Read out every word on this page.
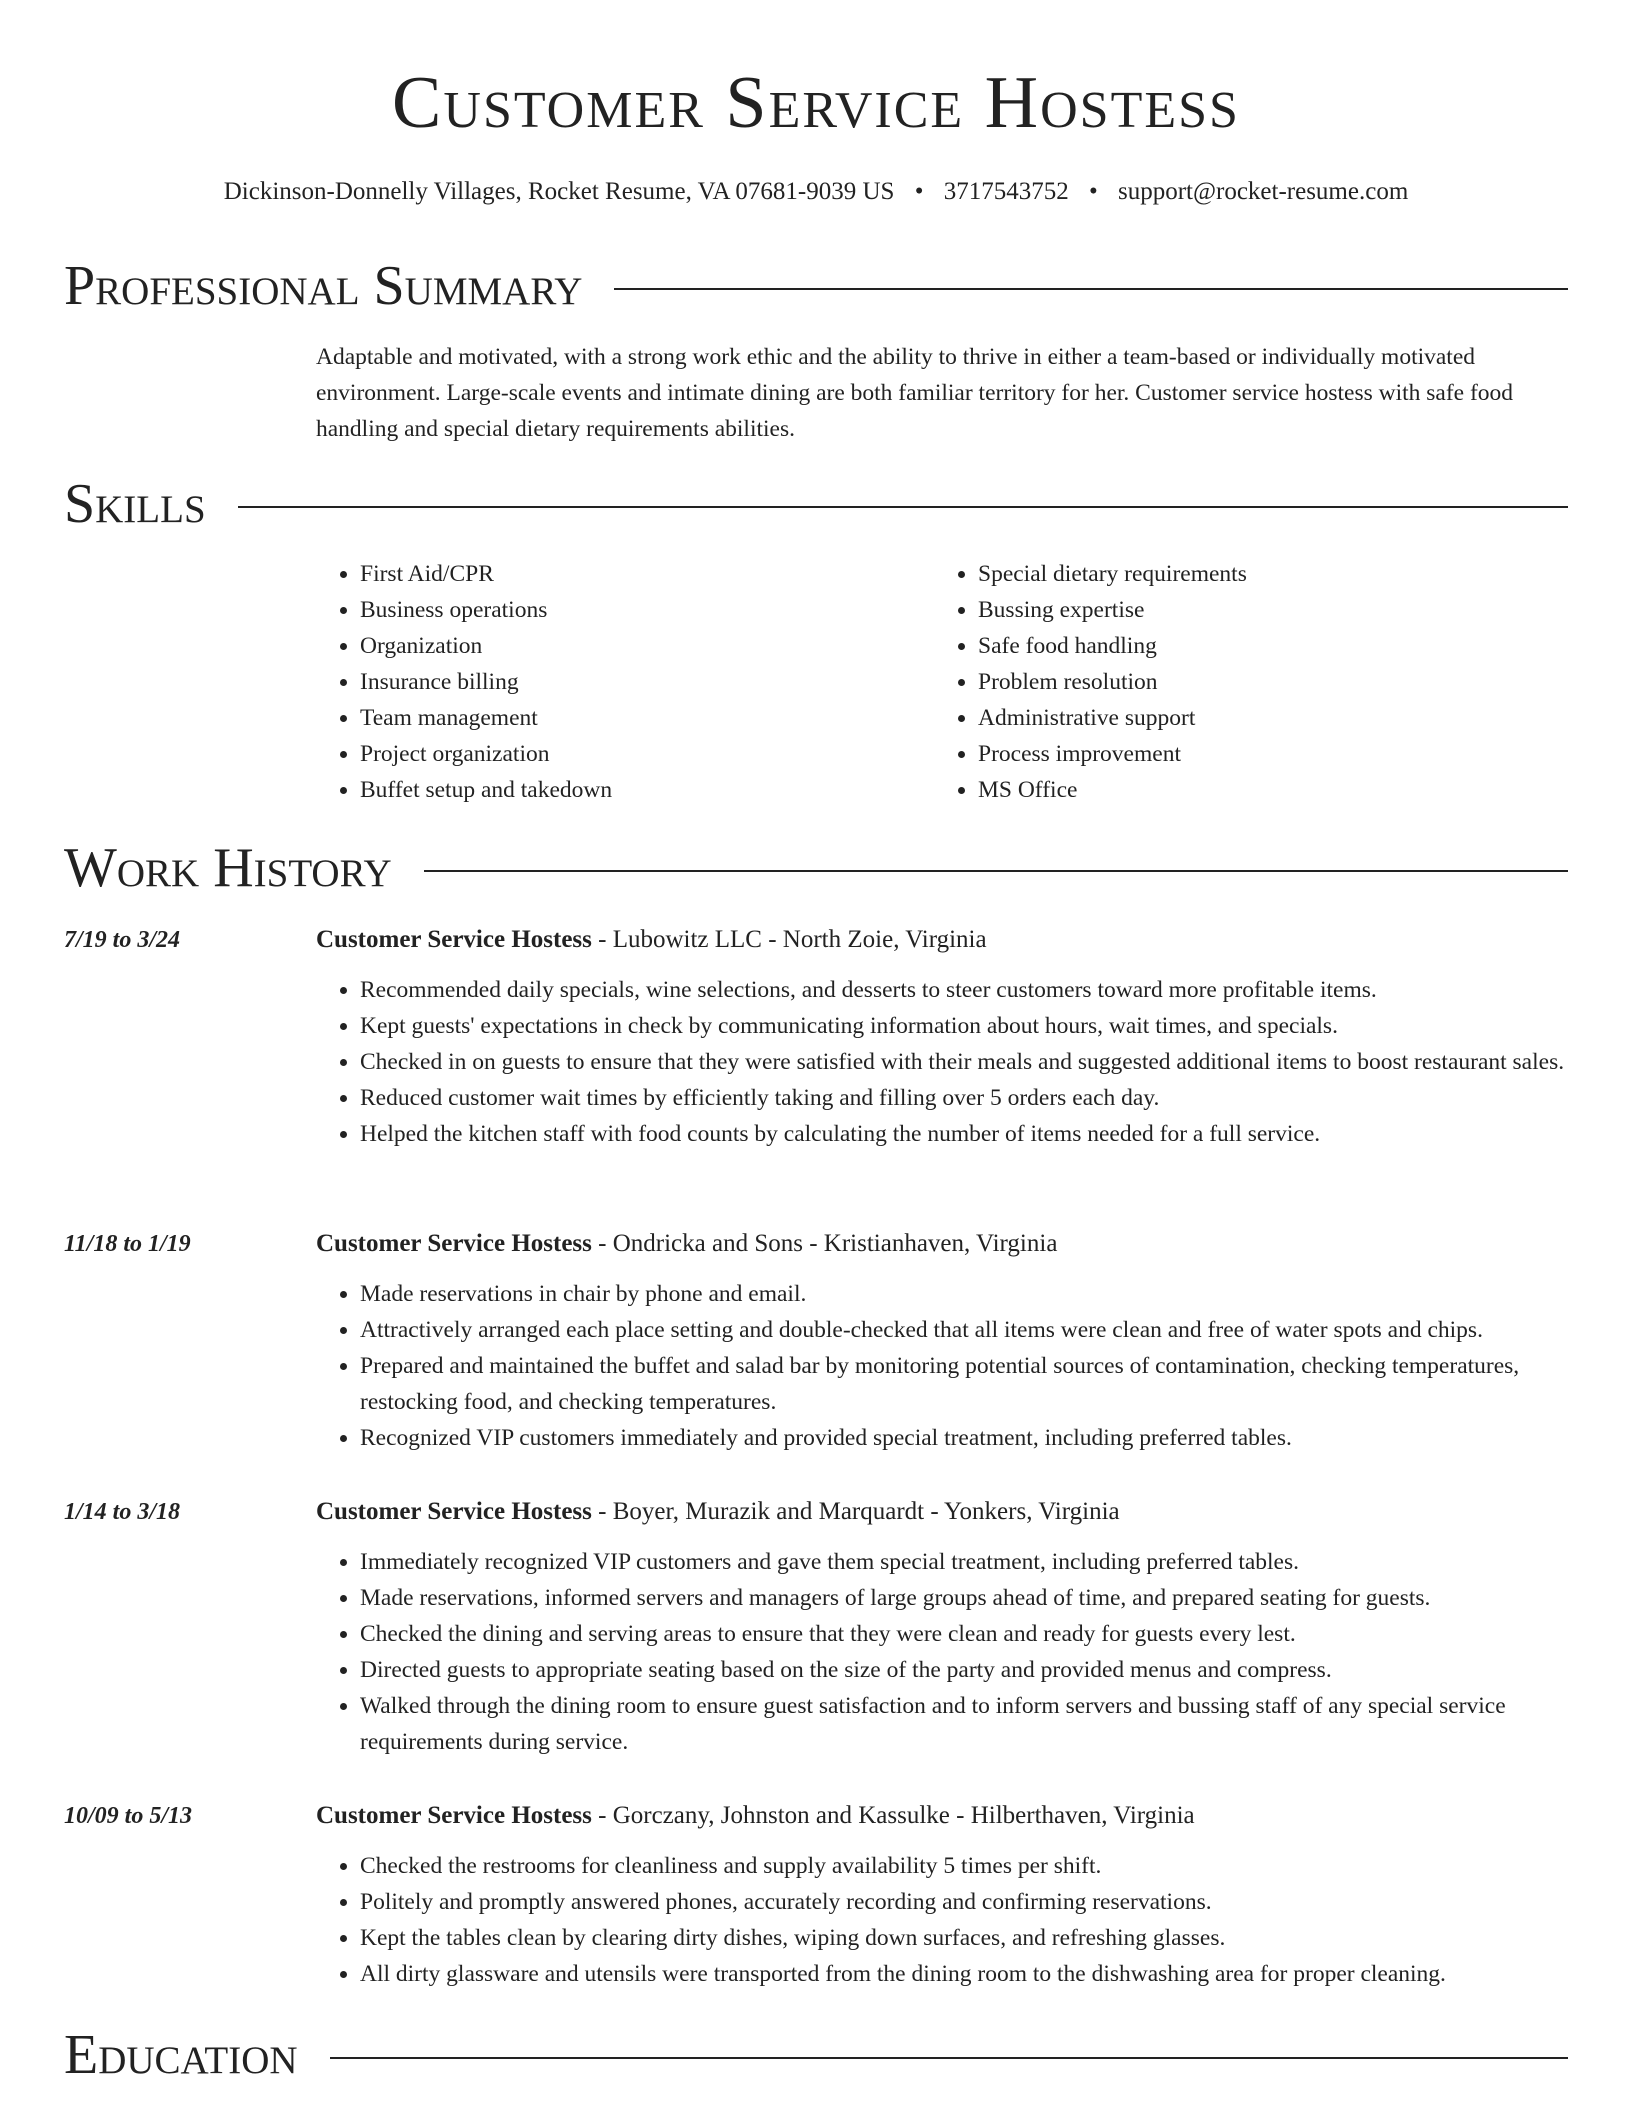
Customer Service Hostess
Dickinson-Donnelly Villages, Rocket Resume, VA 07681-9039 US • 3717543752 • support@rocket-resume.com
Professional Summary
Adaptable and motivated, with a strong work ethic and the ability to thrive in either a team-based or individually motivated environment. Large-scale events and intimate dining are both familiar territory for her. Customer service hostess with safe food handling and special dietary requirements abilities.
Skills
• First Aid/CPR
• Business operations
• Organization
• Insurance billing
• Team management
• Project organization
• Buffet setup and takedown
• Special dietary requirements
• Bussing expertise
• Safe food handling
• Problem resolution
• Administrative support
• Process improvement
• MS Office
Work History
7/19 to 3/24	Customer Service Hostess - Lubowitz LLC - North Zoie, Virginia
• Recommended daily specials, wine selections, and desserts to steer customers toward more profitable items.
• Kept guests' expectations in check by communicating information about hours, wait times, and specials.
• Checked in on guests to ensure that they were satisfied with their meals and suggested additional items to boost restaurant sales.
• Reduced customer wait times by efficiently taking and filling over 5 orders each day.
• Helped the kitchen staff with food counts by calculating the number of items needed for a full service.
11/18 to 1/19	Customer Service Hostess - Ondricka and Sons - Kristianhaven, Virginia
• Made reservations in chair by phone and email.
• Attractively arranged each place setting and double-checked that all items were clean and free of water spots and chips.
• Prepared and maintained the buffet and salad bar by monitoring potential sources of contamination, checking temperatures, restocking food, and checking temperatures.
• Recognized VIP customers immediately and provided special treatment, including preferred tables.
1/14 to 3/18	Customer Service Hostess - Boyer, Murazik and Marquardt - Yonkers, Virginia
• Immediately recognized VIP customers and gave them special treatment, including preferred tables.
• Made reservations, informed servers and managers of large groups ahead of time, and prepared seating for guests.
• Checked the dining and serving areas to ensure that they were clean and ready for guests every lest.
• Directed guests to appropriate seating based on the size of the party and provided menus and compress.
• Walked through the dining room to ensure guest satisfaction and to inform servers and bussing staff of any special service requirements during service.
10/09 to 5/13	Customer Service Hostess - Gorczany, Johnston and Kassulke - Hilberthaven, Virginia
• Checked the restrooms for cleanliness and supply availability 5 times per shift.
• Politely and promptly answered phones, accurately recording and confirming reservations.
• Kept the tables clean by clearing dirty dishes, wiping down surfaces, and refreshing glasses.
• All dirty glassware and utensils were transported from the dining room to the dishwashing area for proper cleaning.
Education
